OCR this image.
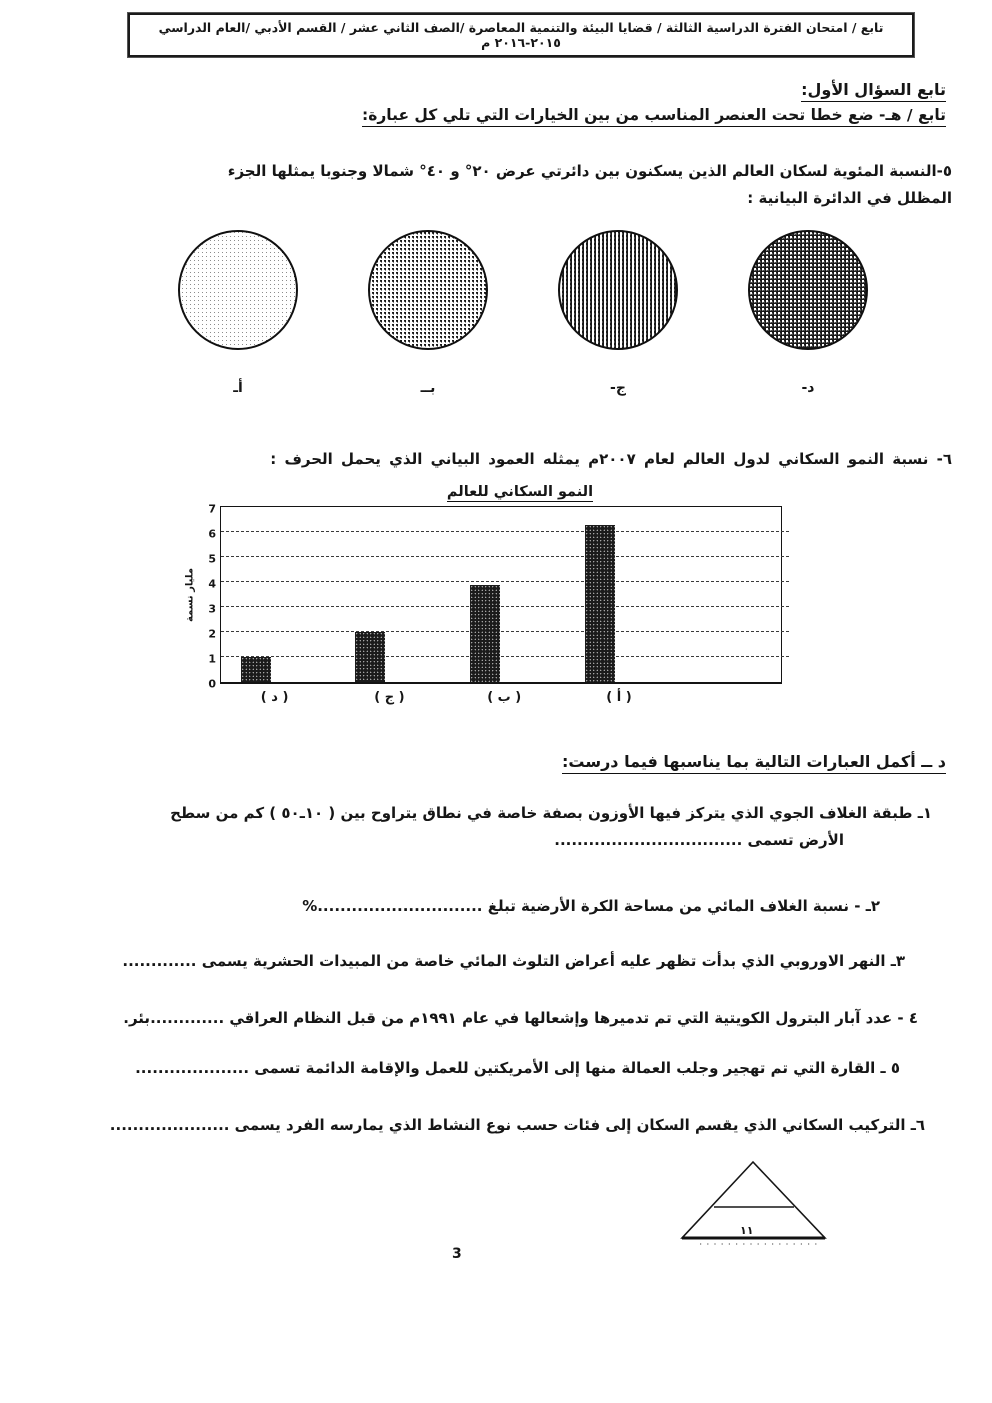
تابع / امتحان الفترة الدراسية الثالثة / قضايا البيئة والتنمية المعاصرة /الصف الثاني عشر / القسم الأدبي /العام الدراسي ٢٠١٥-٢٠١٦ م
تابع السؤال الأول:
تابع / هـ- ضع خطا تحت العنصر المناسب من بين الخيارات التي تلي كل عبارة:
٥-النسبة المئوية لسكان العالم الذين يسكنون بين دائرتي عرض ٢٠° و ٤٠° شمالا وجنوبا يمثلها الجزء
المظلل في الدائرة البيانية :
د-
ج-
بــ
أـ
٦- نسبة النمو السكاني لدول العالم لعام ٢٠٠٧م يمثله العمود البياني الذي يحمل الحرف :
النمو السكاني للعالم
مليار نسمة
0
1
2
3
4
5
6
7
( د )	( ج )	( ب )	( أ )
د ــ أكمل العبارات التالية بما يناسبها فيما درست:
١ـ طبقة الغلاف الجوي الذي يتركز فيها الأوزون بصفة خاصة في نطاق يتراوح بين ( ١٠ـ٥٠ ) كم من سطح
الأرض تسمى .................................
٢ـ - نسبة الغلاف المائي من مساحة الكرة الأرضية تبلغ .............................%
٣ـ النهر الاوروبي الذي بدأت تظهر عليه أعراض التلوث المائي خاصة من المبيدات الحشرية يسمى .............
٤ - عدد آبار البترول الكويتية التي تم تدميرها وإشعالها في عام ١٩٩١م من قبل النظام العراقي .............بئر.
٥ ـ القارة التي تم تهجير وجلب العمالة منها إلى الأمريكتين للعمل والإقامة الدائمة تسمى ....................
٦ـ التركيب السكاني الذي يقسم السكان إلى فئات حسب نوع النشاط الذي يمارسه الفرد يسمى .....................
١١
3
